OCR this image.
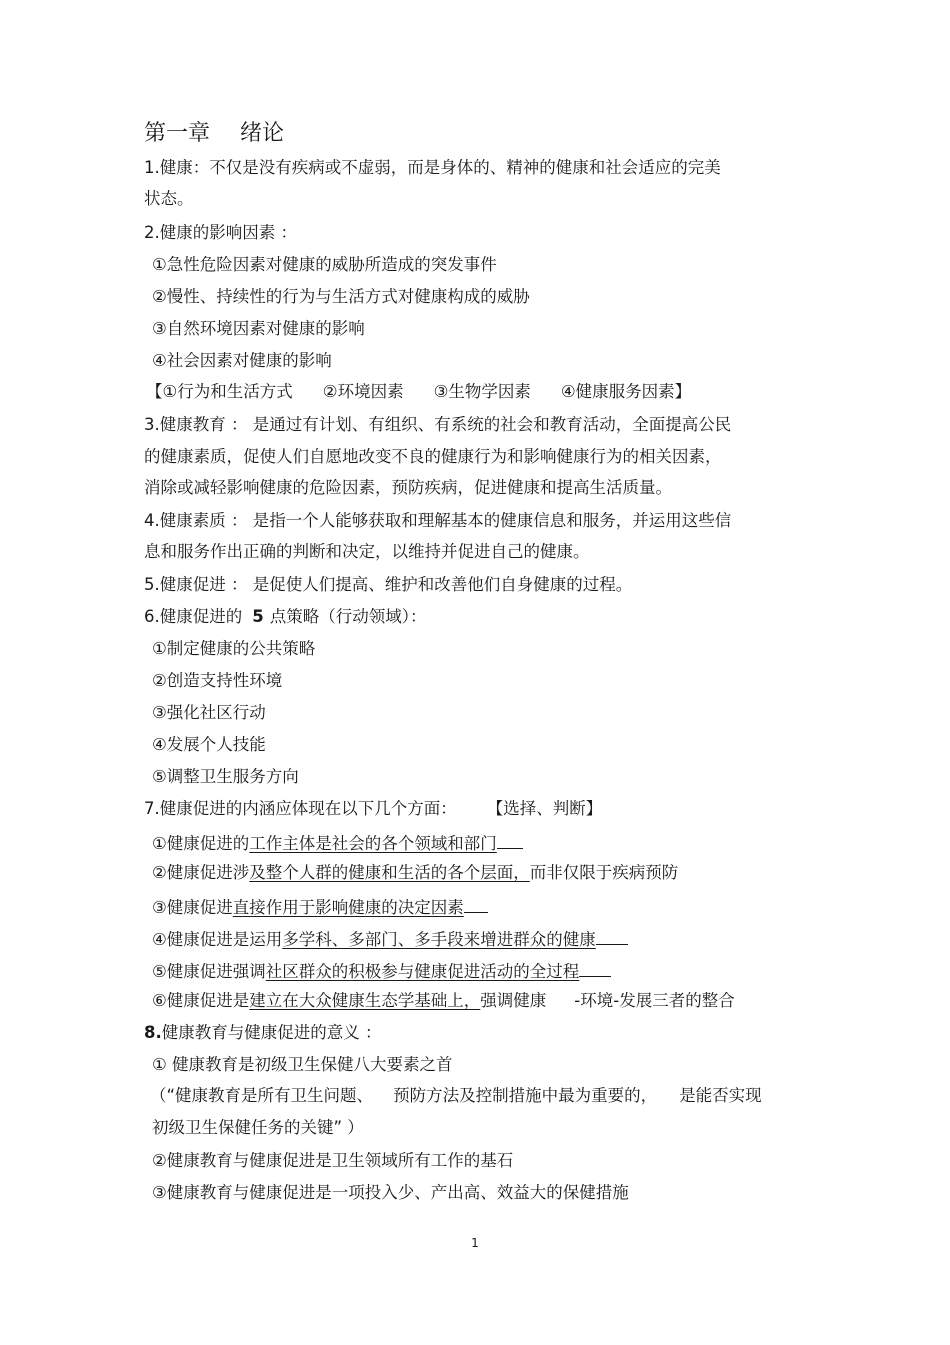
第一章 绪论
1.健康：不仅是没有疾病或不虚弱，而是身体的、精神的健康和社会适应的完美
状态。
2.健康的影响因素 ：
①急性危险因素对健康的威胁所造成的突发事件
②慢性、持续性的行为与生活方式对健康构成的威胁
③自然环境因素对健康的影响
④社会因素对健康的影响
【①行为和生活方式 ②环境因素 ③生物学因素 ④健康服务因素】
3.健康教育 ： 是通过有计划、有组织、有系统的社会和教育活动，全面提高公民
的健康素质，促使人们自愿地改变不良的健康行为和影响健康行为的相关因素，
消除或减轻影响健康的危险因素，预防疾病，促进健康和提高生活质量。
4.健康素质 ： 是指一个人能够获取和理解基本的健康信息和服务，并运用这些信
息和服务作出正确的判断和决定，以维持并促进自己的健康。
5.健康促进 ： 是促使人们提高、维护和改善他们自身健康的过程。
6.健康促进的 5 点策略（行动领域）：
①制定健康的公共策略
②创造支持性环境
③强化社区行动
④发展个人技能
⑤调整卫生服务方向
7.健康促进的内涵应体现在以下几个方面： 【选择、判断】
①健康促进的工作主体是社会的各个领域和部门
②健康促进涉及整个人群的健康和生活的各个层面，而非仅限于疾病预防
③健康促进直接作用于影响健康的决定因素
④健康促进是运用多学科、多部门、多手段来增进群众的健康
⑤健康促进强调社区群众的积极参与健康促进活动的全过程
⑥健康促进是建立在大众健康生态学基础上，强调健康 -环境-发展三者的整合
8.健康教育与健康促进的意义 ：
① 健康教育是初级卫生保健八大要素之首
（“健康教育是所有卫生问题、 预防方法及控制措施中最为重要的， 是能否实现
初级卫生保健任务的关键” ）
②健康教育与健康促进是卫生领域所有工作的基石
③健康教育与健康促进是一项投入少、产出高、效益大的保健措施
1
